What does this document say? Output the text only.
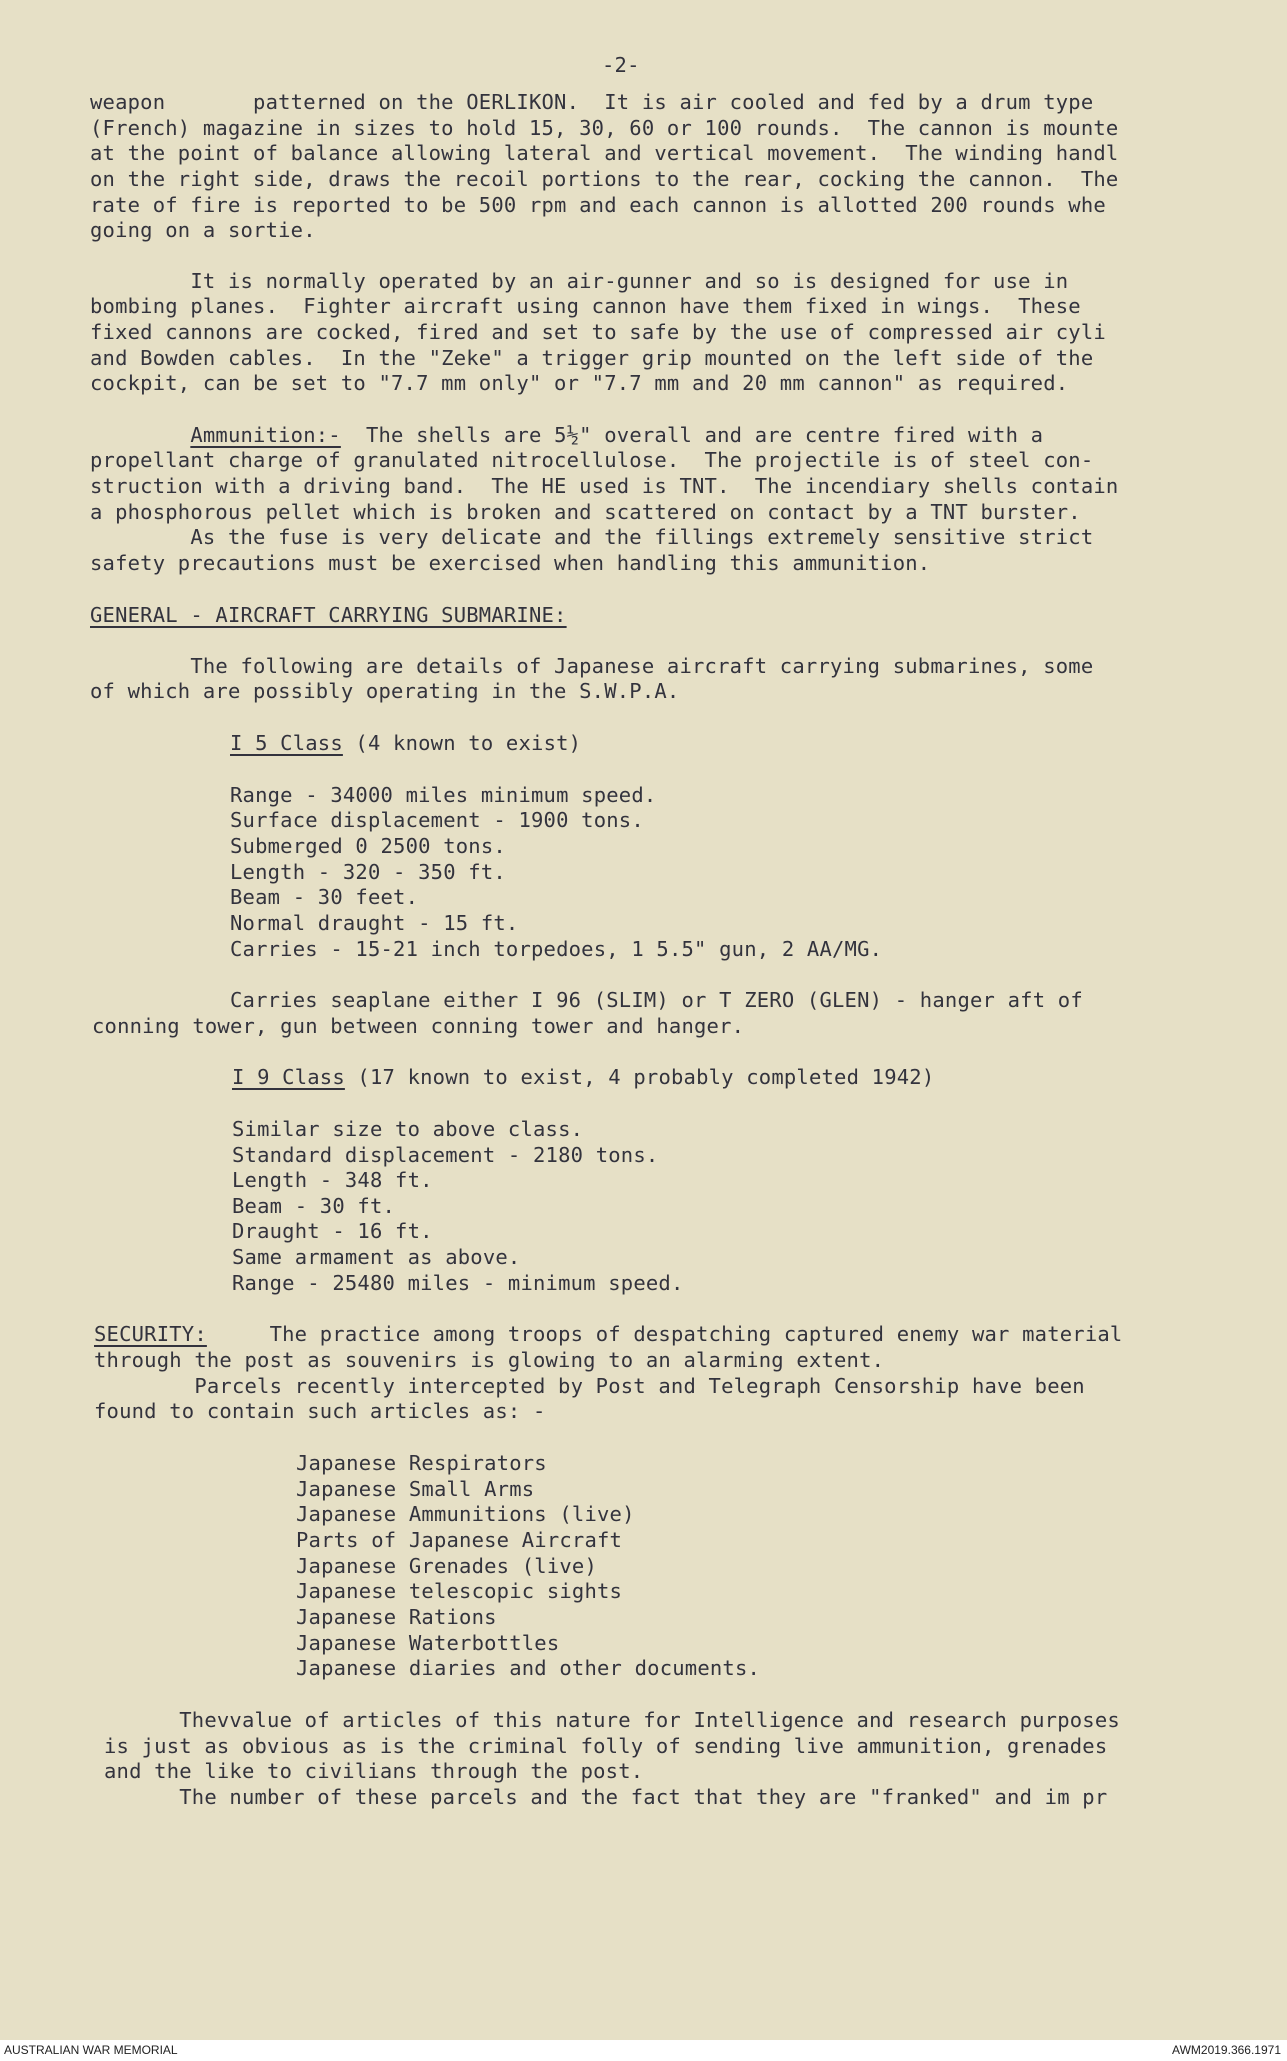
-2-
weapon       patterned on the OERLIKON.  It is air cooled and fed by a drum type
(French) magazine in sizes to hold 15, 30, 60 or 100 rounds.  The cannon is mounte
at the point of balance allowing lateral and vertical movement.  The winding handl
on the right side, draws the recoil portions to the rear, cocking the cannon.  The
rate of fire is reported to be 500 rpm and each cannon is allotted 200 rounds whe
going on a sortie.
It is normally operated by an air-gunner and so is designed for use in
bombing planes.  Fighter aircraft using cannon have them fixed in wings.  These
fixed cannons are cocked, fired and set to safe by the use of compressed air cyli
and Bowden cables.  In the "Zeke" a trigger grip mounted on the left side of the
cockpit, can be set to "7.7 mm only" or "7.7 mm and 20 mm cannon" as required.
Ammunition:-  The shells are 5½" overall and are centre fired with a
propellant charge of granulated nitrocellulose.  The projectile is of steel con-
struction with a driving band.  The HE used is TNT.  The incendiary shells contain
a phosphorous pellet which is broken and scattered on contact by a TNT burster.
As the fuse is very delicate and the fillings extremely sensitive strict
safety precautions must be exercised when handling this ammunition.
GENERAL - AIRCRAFT CARRYING SUBMARINE:
The following are details of Japanese aircraft carrying submarines, some
of which are possibly operating in the S.W.P.A.
I 5 Class (4 known to exist)
Range - 34000 miles minimum speed.
Surface displacement - 1900 tons.
Submerged 0 2500 tons.
Length - 320 - 350 ft.
Beam - 30 feet.
Normal draught - 15 ft.
Carries - 15-21 inch torpedoes, 1 5.5" gun, 2 AA/MG.
Carries seaplane either I 96 (SLIM) or T ZERO (GLEN) - hanger aft of
conning tower, gun between conning tower and hanger.
I 9 Class (17 known to exist, 4 probably completed 1942)
Similar size to above class.
Standard displacement - 2180 tons.
Length - 348 ft.
Beam - 30 ft.
Draught - 16 ft.
Same armament as above.
Range - 25480 miles - minimum speed.
SECURITY:     The practice among troops of despatching captured enemy war material
through the post as souvenirs is glowing to an alarming extent.
Parcels recently intercepted by Post and Telegraph Censorship have been
found to contain such articles as: -
Japanese Respirators
Japanese Small Arms
Japanese Ammunitions (live)
Parts of Japanese Aircraft
Japanese Grenades (live)
Japanese telescopic sights
Japanese Rations
Japanese Waterbottles
Japanese diaries and other documents.
Thevvalue of articles of this nature for Intelligence and research purposes
is just as obvious as is the criminal folly of sending live ammunition, grenades
and the like to civilians through the post.
The number of these parcels and the fact that they are "franked" and im pr
AUSTRALIAN WAR MEMORIAL	AWM2019.366.1971
